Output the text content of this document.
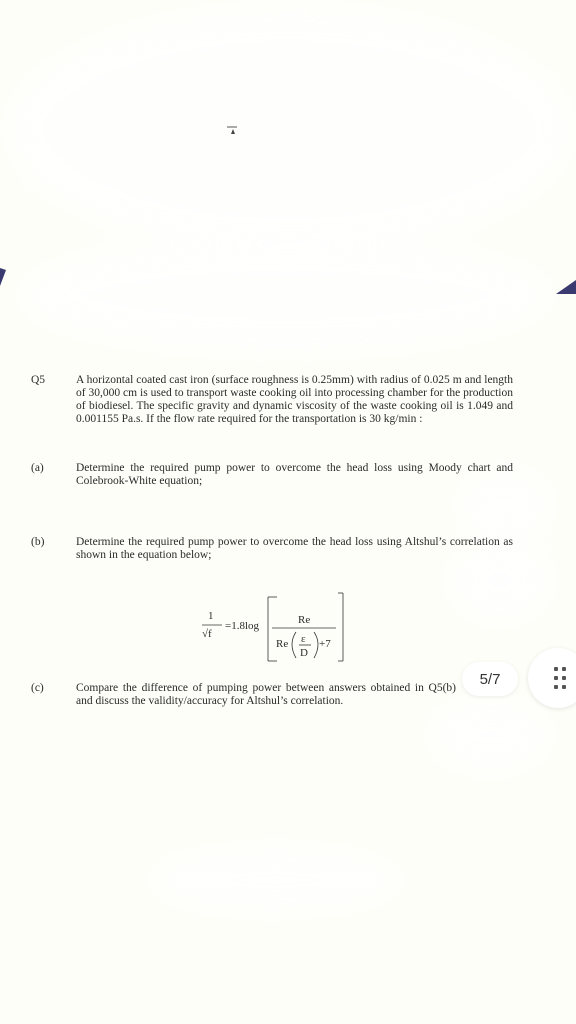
Q5	A horizontal coated cast iron (surface roughness is 0.25mm) with radius of 0.025 m and length of 30,000 cm is used to transport waste cooking oil into processing chamber for the production of biodiesel. The specific gravity and dynamic viscosity of the waste cooking oil is 1.049 and 0.001155 Pa.s. If the flow rate required for the transportation is 30 kg/min :
(a)	Determine the required pump power to overcome the head loss using Moody chart and Colebrook-White equation;
(b)	Determine the required pump power to overcome the head loss using Altshul’s correlation as shown in the equation below;
1
√f
=1.8log	Re
Re ε
D
+7
(c)	Compare the difference of pumping power between answers obtained in Q5(b) and discuss the validity/accuracy for Altshul’s correlation.
5/7
